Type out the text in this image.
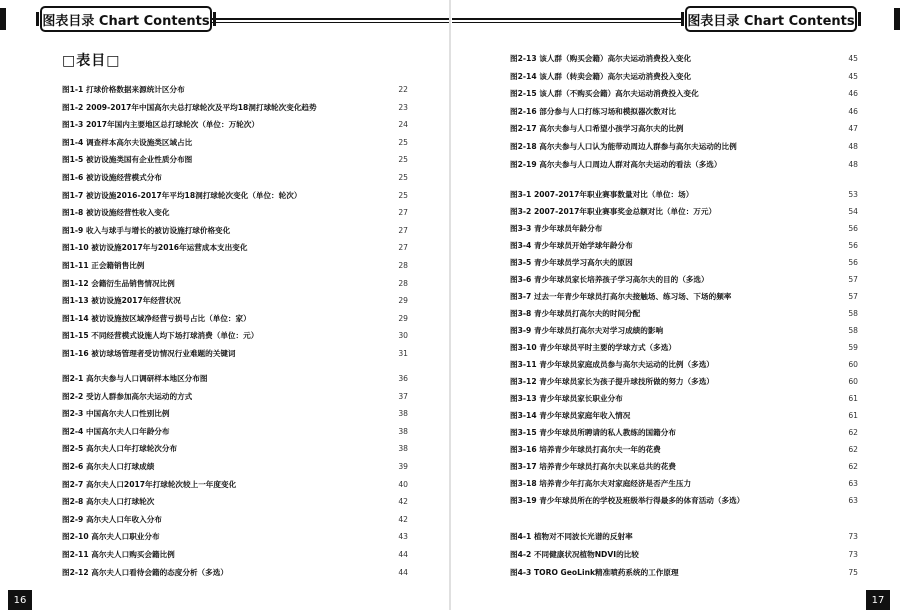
图表目录 Chart Contents	图表目录 Chart Contents
□表目□
图1-1 打球价格数据来源统计区分布	22
图1-2 2009-2017年中国高尔夫总打球轮次及平均18洞打球轮次变化趋势	23
图1-3 2017年国内主要地区总打球轮次（单位：万轮次）	24
图1-4 调查样本高尔夫设施类区域占比	25
图1-5 被访设施类国有企业性质分布图	25
图1-6 被访设施经营模式分布	25
图1-7 被访设施2016-2017年平均18洞打球轮次变化（单位：轮次）	25
图1-8 被访设施经营性收入变化	27
图1-9 收入与球手与增长的被访设施打球价格变化	27
图1-10 被访设施2017年与2016年运营成本支出变化	27
图1-11 正会籍销售比例	28
图1-12 会籍衍生品销售情况比例	28
图1-13 被访设施2017年经营状况	29
图1-14 被访设施按区域净经营亏损号占比（单位：家）	29
图1-15 不同经营模式设施人均下场打球消费（单位：元）	30
图1-16 被访球场管理者受访情况行业难题的关键词	31
图2-1 高尔夫参与人口调研样本地区分布图	36
图2-2 受访人群参加高尔夫运动的方式	37
图2-3 中国高尔夫人口性别比例	38
图2-4 中国高尔夫人口年龄分布	38
图2-5 高尔夫人口年打球轮次分布	38
图2-6 高尔夫人口打球成绩	39
图2-7 高尔夫人口2017年打球轮次较上一年度变化	40
图2-8 高尔夫人口打球轮次	42
图2-9 高尔夫人口年收入分布	42
图2-10 高尔夫人口职业分布	43
图2-11 高尔夫人口购买会籍比例	44
图2-12 高尔夫人口看待会籍的态度分析（多选）	44
图2-13 该人群（购买会籍）高尔夫运动消费投入变化	45
图2-14 该人群（转卖会籍）高尔夫运动消费投入变化	45
图2-15 该人群（不购买会籍）高尔夫运动消费投入变化	46
图2-16 部分参与人口打练习场和模拟器次数对比	46
图2-17 高尔夫参与人口希望小孩学习高尔夫的比例	47
图2-18 高尔夫参与人口认为能带动周边人群参与高尔夫运动的比例	48
图2-19 高尔夫参与人口周边人群对高尔夫运动的看法（多选）	48
图3-1 2007-2017年职业赛事数量对比（单位：场）	53
图3-2 2007-2017年职业赛事奖金总额对比（单位：万元）	54
图3-3 青少年球员年龄分布	56
图3-4 青少年球员开始学球年龄分布	56
图3-5 青少年球员学习高尔夫的原因	56
图3-6 青少年球员家长培养孩子学习高尔夫的目的（多选）	57
图3-7 过去一年青少年球员打高尔夫接触场、练习场、下场的频率	57
图3-8 青少年球员打高尔夫的时间分配	58
图3-9 青少年球员打高尔夫对学习成绩的影响	58
图3-10 青少年球员平时主要的学球方式（多选）	59
图3-11 青少年球员家庭成员参与高尔夫运动的比例（多选）	60
图3-12 青少年球员家长为孩子提升球技所做的努力（多选）	60
图3-13 青少年球员家长职业分布	61
图3-14 青少年球员家庭年收入情况	61
图3-15 青少年球员所聘请的私人教练的国籍分布	62
图3-16 培养青少年球员打高尔夫一年的花费	62
图3-17 培养青少年球员打高尔夫以来总共的花费	62
图3-18 培养青少年打高尔夫对家庭经济是否产生压力	63
图3-19 青少年球员所在的学校及班级举行得最多的体育活动（多选）	63
图4-1 植物对不同波长光谱的反射率	73
图4-2 不同健康状况植物NDVI的比较	73
图4-3 TORO GeoLink精准喷药系统的工作原理	75
16	17
